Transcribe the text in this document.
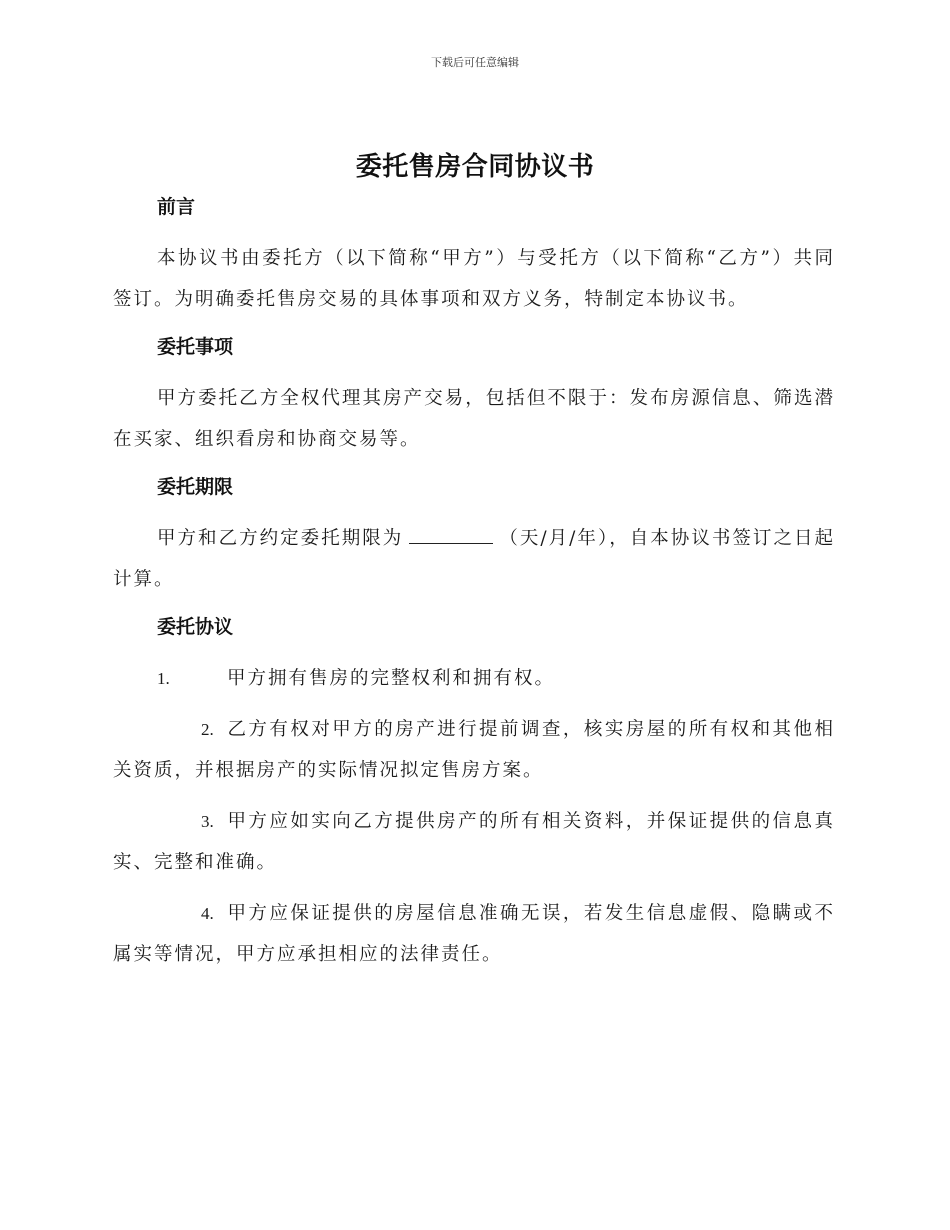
下载后可任意编辑
委托售房合同协议书
前言

本协议书由委托方（以下简称“甲方”）与受托方（以下简称“乙方”）共同签订。为明确委托售房交易的具体事项和双方义务，特制定本协议书。

委托事项

甲方委托乙方全权代理其房产交易，包括但不限于：发布房源信息、筛选潜在买家、组织看房和协商交易等。

委托期限

甲方和乙方约定委托期限为	（天/月/年），自本协议书签订之日起计算。

委托协议

1.	甲方拥有售房的完整权利和拥有权。

2. 乙方有权对甲方的房产进行提前调查，核实房屋的所有权和其他相关资质，并根据房产的实际情况拟定售房方案。

3. 甲方应如实向乙方提供房产的所有相关资料，并保证提供的信息真实、完整和准确。

4. 甲方应保证提供的房屋信息准确无误，若发生信息虚假、隐瞒或不属实等情况，甲方应承担相应的法律责任。
